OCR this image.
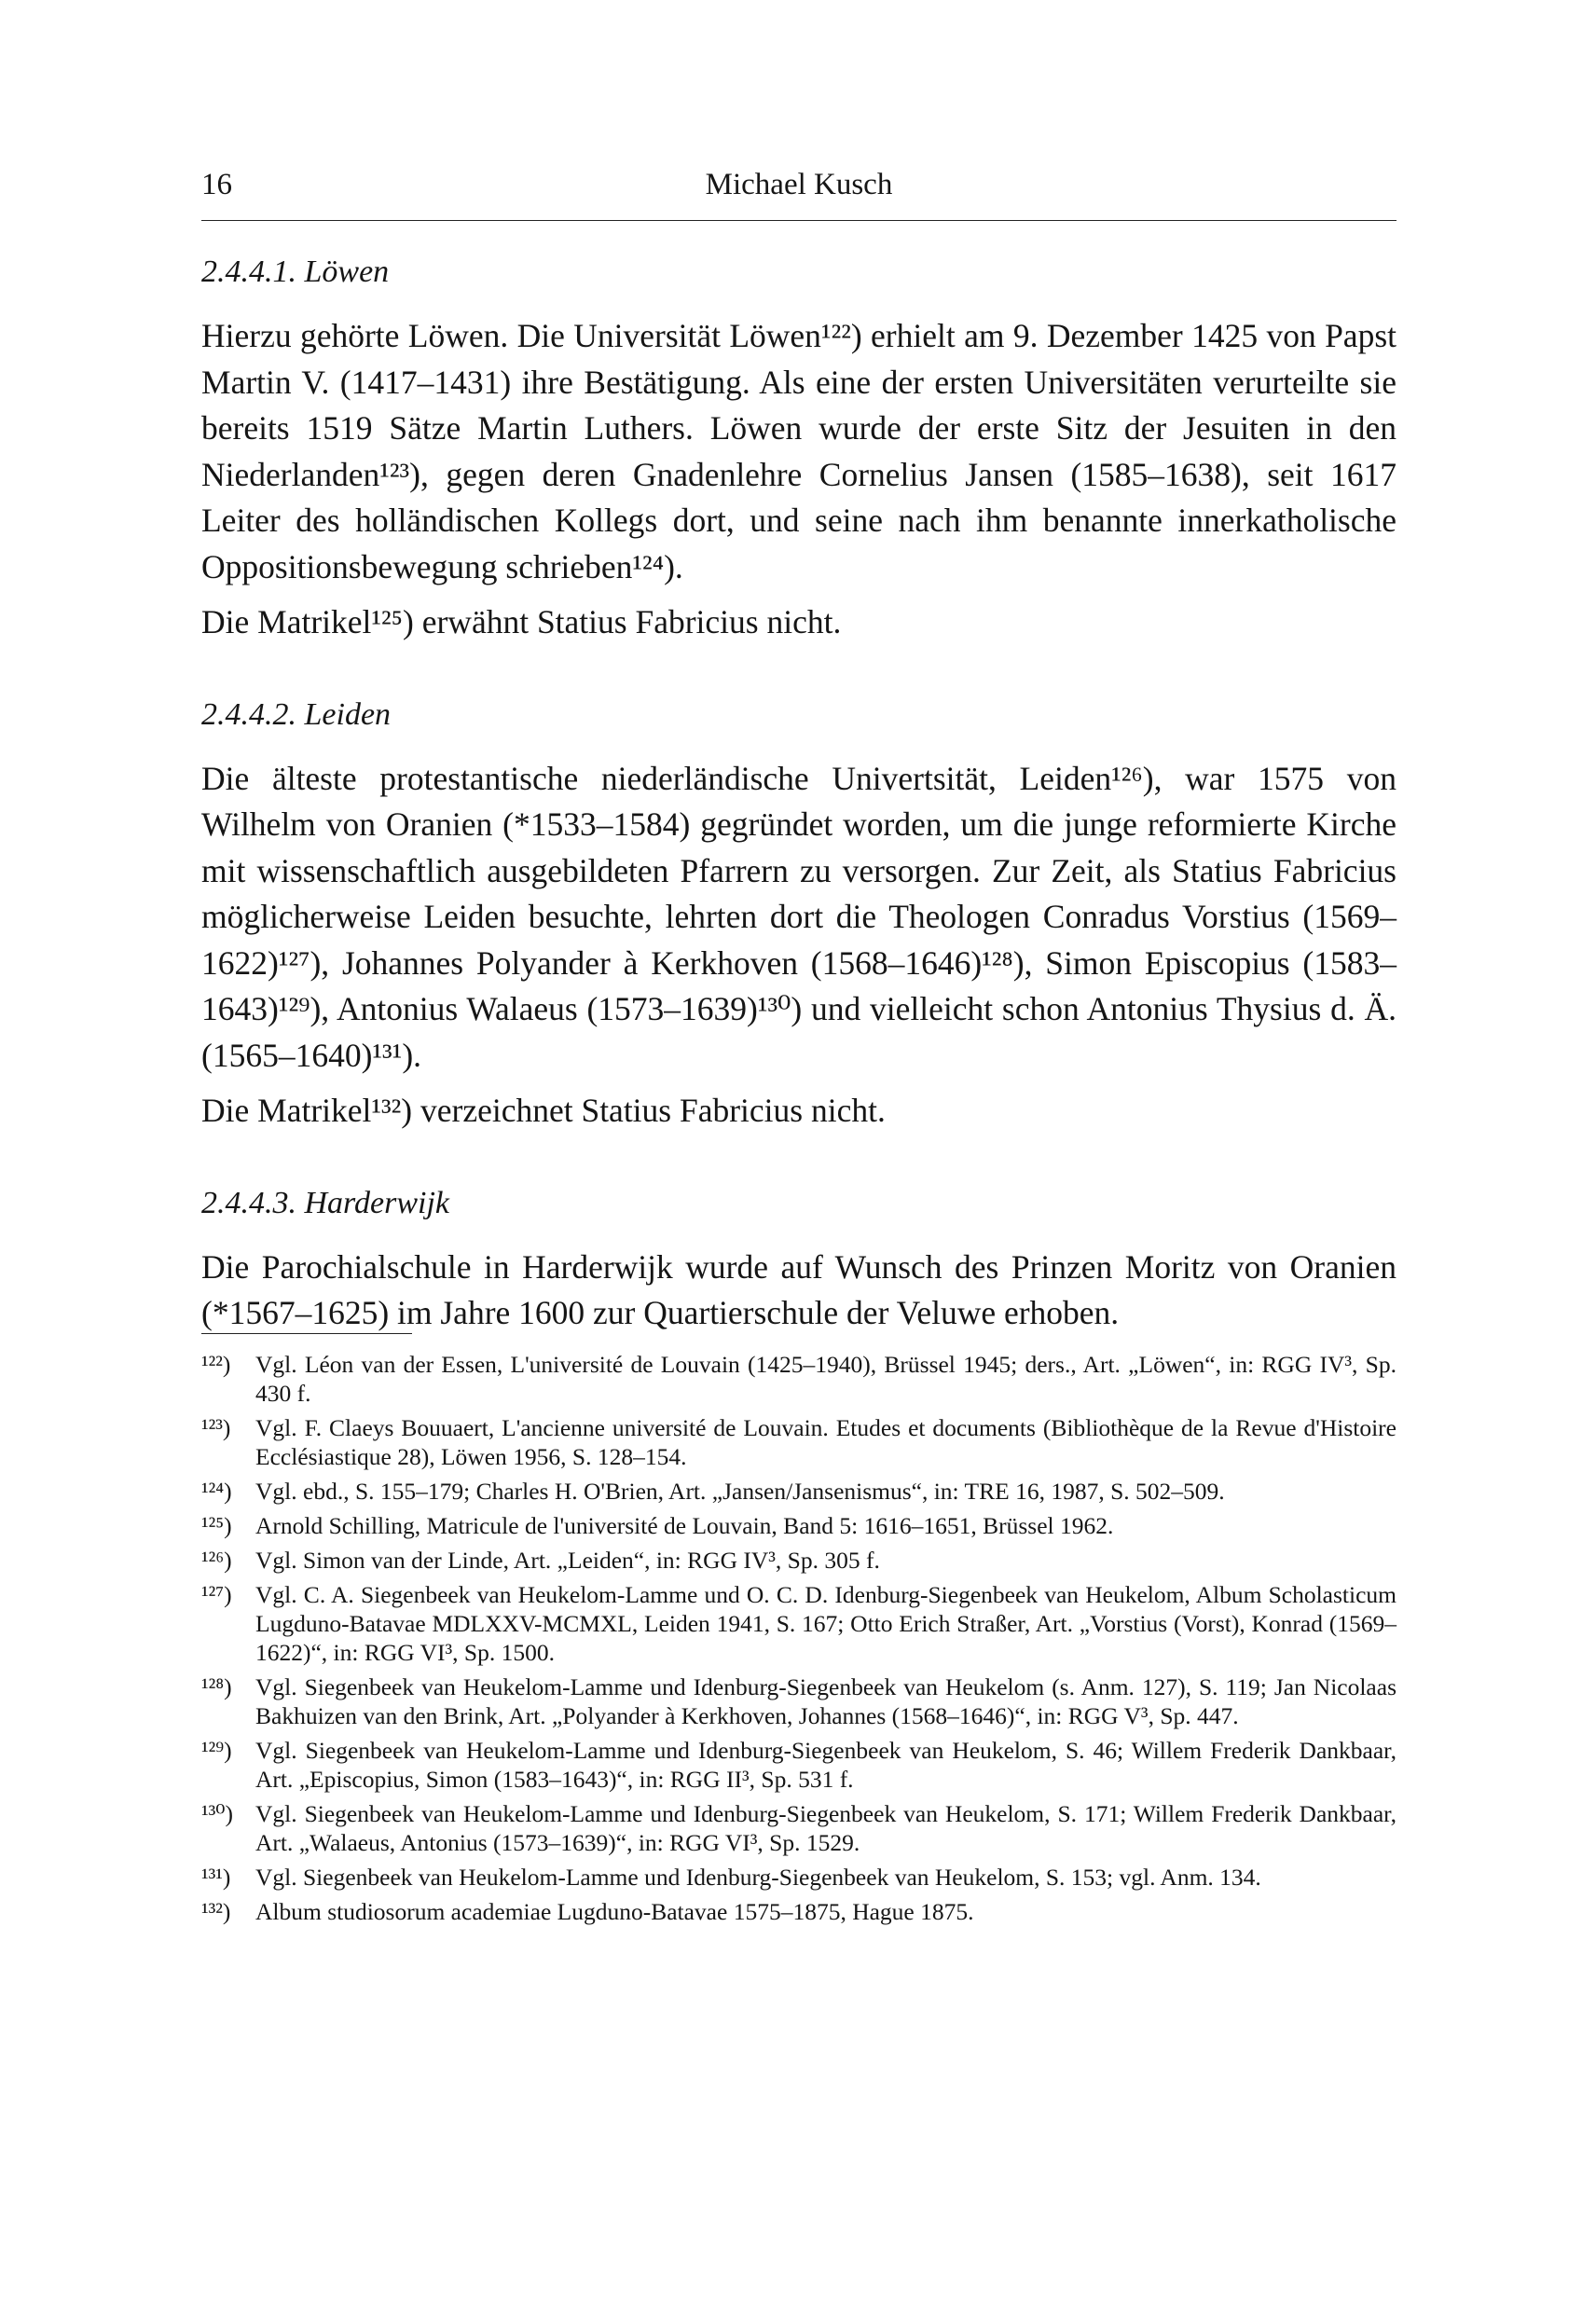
16	Michael Kusch
2.4.4.1. Löwen

Hierzu gehörte Löwen. Die Universität Löwen¹²²) erhielt am 9. Dezember 1425 von Papst Martin V. (1417–1431) ihre Bestätigung. Als eine der ersten Universitäten verurteilte sie bereits 1519 Sätze Martin Luthers. Löwen wurde der erste Sitz der Jesuiten in den Niederlanden¹²³), gegen deren Gnadenlehre Cornelius Jansen (1585–1638), seit 1617 Leiter des holländischen Kollegs dort, und seine nach ihm benannte innerkatholische Oppositionsbewegung schrieben¹²⁴).

Die Matrikel¹²⁵) erwähnt Statius Fabricius nicht.

2.4.4.2. Leiden

Die älteste protestantische niederländische Univertsität, Leiden¹²⁶), war 1575 von Wilhelm von Oranien (*1533–1584) gegründet worden, um die junge reformierte Kirche mit wissenschaftlich ausgebildeten Pfarrern zu versorgen. Zur Zeit, als Statius Fabricius möglicherweise Leiden besuchte, lehrten dort die Theologen Conradus Vorstius (1569–1622)¹²⁷), Johannes Polyander à Kerkhoven (1568–1646)¹²⁸), Simon Episcopius (1583–1643)¹²⁹), Antonius Walaeus (1573–1639)¹³⁰) und vielleicht schon Antonius Thysius d. Ä. (1565–1640)¹³¹).

Die Matrikel¹³²) verzeichnet Statius Fabricius nicht.

2.4.4.3. Harderwijk

Die Parochialschule in Harderwijk wurde auf Wunsch des Prinzen Moritz von Oranien (*1567–1625) im Jahre 1600 zur Quartierschule der Veluwe erhoben.

¹²²) Vgl. Léon van der Essen, L'université de Louvain (1425–1940), Brüssel 1945; ders., Art. „Löwen“, in: RGG IV³, Sp. 430 f.
¹²³) Vgl. F. Claeys Bouuaert, L'ancienne université de Louvain. Etudes et documents (Bibliothèque de la Revue d'Histoire Ecclésiastique 28), Löwen 1956, S. 128–154.
¹²⁴) Vgl. ebd., S. 155–179; Charles H. O'Brien, Art. „Jansen/Jansenismus“, in: TRE 16, 1987, S. 502–509.
¹²⁵) Arnold Schilling, Matricule de l'université de Louvain, Band 5: 1616–1651, Brüssel 1962.
¹²⁶) Vgl. Simon van der Linde, Art. „Leiden“, in: RGG IV³, Sp. 305 f.
¹²⁷) Vgl. C. A. Siegenbeek van Heukelom-Lamme und O. C. D. Idenburg-Siegenbeek van Heukelom, Album Scholasticum Lugduno-Batavae MDLXXV-MCMXL, Leiden 1941, S. 167; Otto Erich Straßer, Art. „Vorstius (Vorst), Konrad (1569–1622)“, in: RGG VI³, Sp. 1500.
¹²⁸) Vgl. Siegenbeek van Heukelom-Lamme und Idenburg-Siegenbeek van Heukelom (s. Anm. 127), S. 119; Jan Nicolaas Bakhuizen van den Brink, Art. „Polyander à Kerkhoven, Johannes (1568–1646)“, in: RGG V³, Sp. 447.
¹²⁹) Vgl. Siegenbeek van Heukelom-Lamme und Idenburg-Siegenbeek van Heukelom, S. 46; Willem Frederik Dankbaar, Art. „Episcopius, Simon (1583–1643)“, in: RGG II³, Sp. 531 f.
¹³⁰) Vgl. Siegenbeek van Heukelom-Lamme und Idenburg-Siegenbeek van Heukelom, S. 171; Willem Frederik Dankbaar, Art. „Walaeus, Antonius (1573–1639)“, in: RGG VI³, Sp. 1529.
¹³¹) Vgl. Siegenbeek van Heukelom-Lamme und Idenburg-Siegenbeek van Heukelom, S. 153; vgl. Anm. 134.
¹³²) Album studiosorum academiae Lugduno-Batavae 1575–1875, Hague 1875.
